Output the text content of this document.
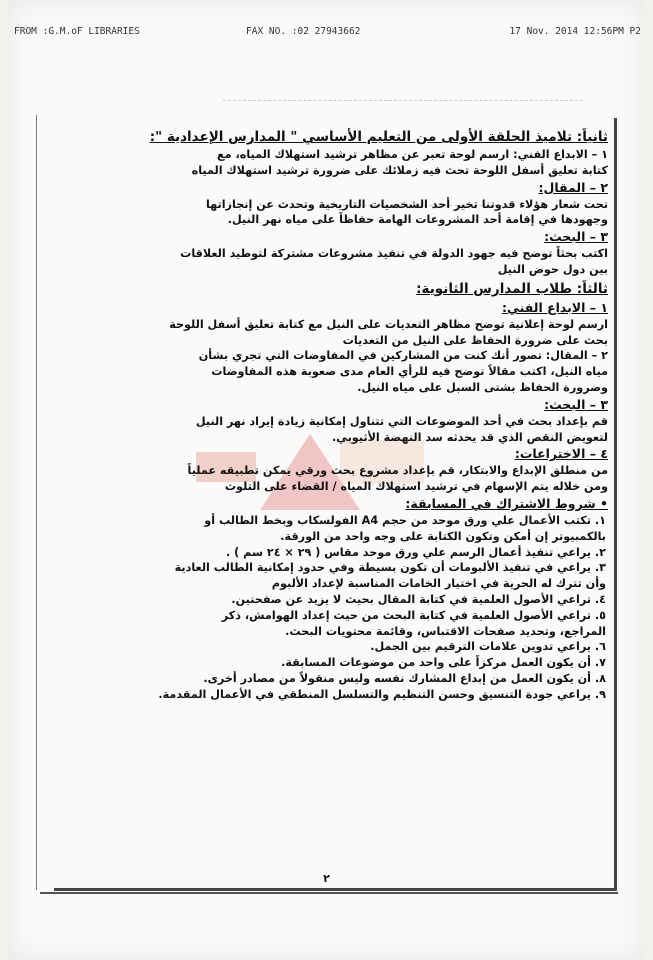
FROM :G.M.oF LIBRARIES	FAX NO. :02 27943662	17 Nov. 2014 12:56PM P2
ثانياً: تلاميذ الحلقة الأولى من التعليم الأساسي " المدارس الإعدادية ":
١ – الابداع الفني: ارسم لوحة تعبر عن مظاهر ترشيد استهلاك المياه، مع
كتابة تعليق أسفل اللوحة تحث فيه زملائك على ضرورة ترشيد استهلاك المياه
٢ – المقال:
تحت شعار هؤلاء قدوتنا تخير أحد الشخصيات التاريخية وتحدث عن إنجازاتها
وجهودها في إقامة أحد المشروعات الهامة حفاظاً على مياه نهر النيل.
٣ – البحث:
اكتب بحثاً توضح فيه جهود الدولة في تنفيذ مشروعات مشتركة لتوطيد العلاقات
بين دول حوض النيل
ثالثاً: طلاب المدارس الثانوية:
١ – الابداع الفني:
ارسم لوحة إعلانية توضح مظاهر التعديات على النيل مع كتابة تعليق أسفل اللوحة
بحث على ضرورة الحفاظ على النيل من التعديات
٢ – المقال: تصور أنك كنت من المشاركين في المفاوضات التي تجري بشأن
مياه النيل، اكتب مقالاً توضح فيه للرأي العام مدى صعوبة هذه المفاوضات
وضرورة الحفاظ بشتى السبل على مياه النيل.
٣ – البحث:
قم بإعداد بحث في أحد الموضوعات التي تتناول إمكانية زيادة إيراد نهر النيل
لتعويض النقص الذي قد يحدثه سد النهضة الأثيوبي.
٤ – الاختراعات:
من منطلق الإبداع والابتكار، قم بإعداد مشروع بحث ورقي يمكن تطبيقه عملياً
ومن خلاله يتم الإسهام في ترشيد استهلاك المياه / القضاء على التلوث
• شروط الاشتراك في المسابقة:
١. تكتب الأعمال علي ورق موحد من حجم A4 الفولسكاب وبخط الطالب أو
بالكمبيوتر إن أمكن وتكون الكتابة على وجه واحد من الورقة.
٢. يراعي تنفيذ أعمال الرسم علي ورق موحد مقاس ( ٢٩ × ٢٤ سم ) .
٣. يراعي في تنفيذ الألبومات أن تكون بسيطة وفي حدود إمكانية الطالب العادية
وأن تترك له الحرية في اختيار الخامات المناسبة لإعداد الألبوم
٤. تراعي الأصول العلمية في كتابة المقال بحيث لا يزيد عن صفحتين.
٥. تراعي الأصول العلمية في كتابة البحث من حيث إعداد الهوامش، ذكر
المراجع، وتحديد صفحات الاقتباس، وقائمة محتويات البحث.
٦. يراعي تدوين علامات الترقيم بين الجمل.
٧. أن يكون العمل مركزاً على واحد من موضوعات المسابقة.
٨. أن يكون العمل من إبداع المشارك نفسه وليس منقولاً من مصادر أخرى.
٩. يراعي جودة التنسيق وحسن التنظيم والتسلسل المنطقي في الأعمال المقدمة.
٢
